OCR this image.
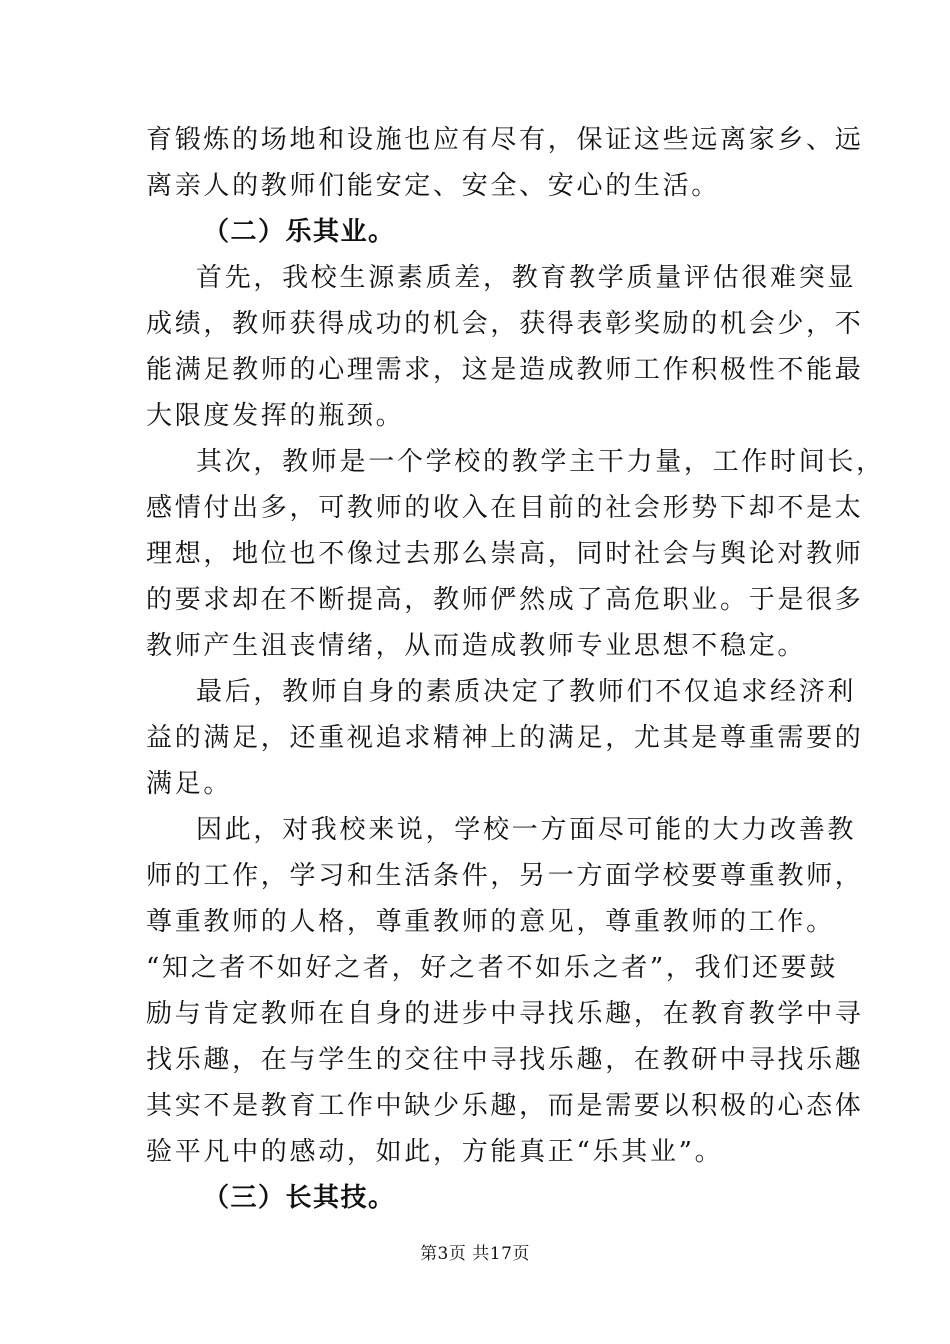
育锻炼的场地和设施也应有尽有，保证这些远离家乡、远
离亲人的教师们能安定、安全、安心的生活。
（二）乐其业。
首先，我校生源素质差，教育教学质量评估很难突显
成绩，教师获得成功的机会，获得表彰奖励的机会少，不
能满足教师的心理需求，这是造成教师工作积极性不能最
大限度发挥的瓶颈。
其次，教师是一个学校的教学主干力量，工作时间长，
感情付出多，可教师的收入在目前的社会形势下却不是太
理想，地位也不像过去那么崇高，同时社会与舆论对教师
的要求却在不断提高，教师俨然成了高危职业。于是很多
教师产生沮丧情绪，从而造成教师专业思想不稳定。
最后，教师自身的素质决定了教师们不仅追求经济利
益的满足，还重视追求精神上的满足，尤其是尊重需要的
满足。
因此，对我校来说，学校一方面尽可能的大力改善教
师的工作，学习和生活条件，另一方面学校要尊重教师，
尊重教师的人格，尊重教师的意见，尊重教师的工作。
“知之者不如好之者，好之者不如乐之者”，我们还要鼓
励与肯定教师在自身的进步中寻找乐趣，在教育教学中寻
找乐趣，在与学生的交往中寻找乐趣，在教研中寻找乐趣
其实不是教育工作中缺少乐趣，而是需要以积极的心态体
验平凡中的感动，如此，方能真正“乐其业”。
（三）长其技。
第3页 共17页
